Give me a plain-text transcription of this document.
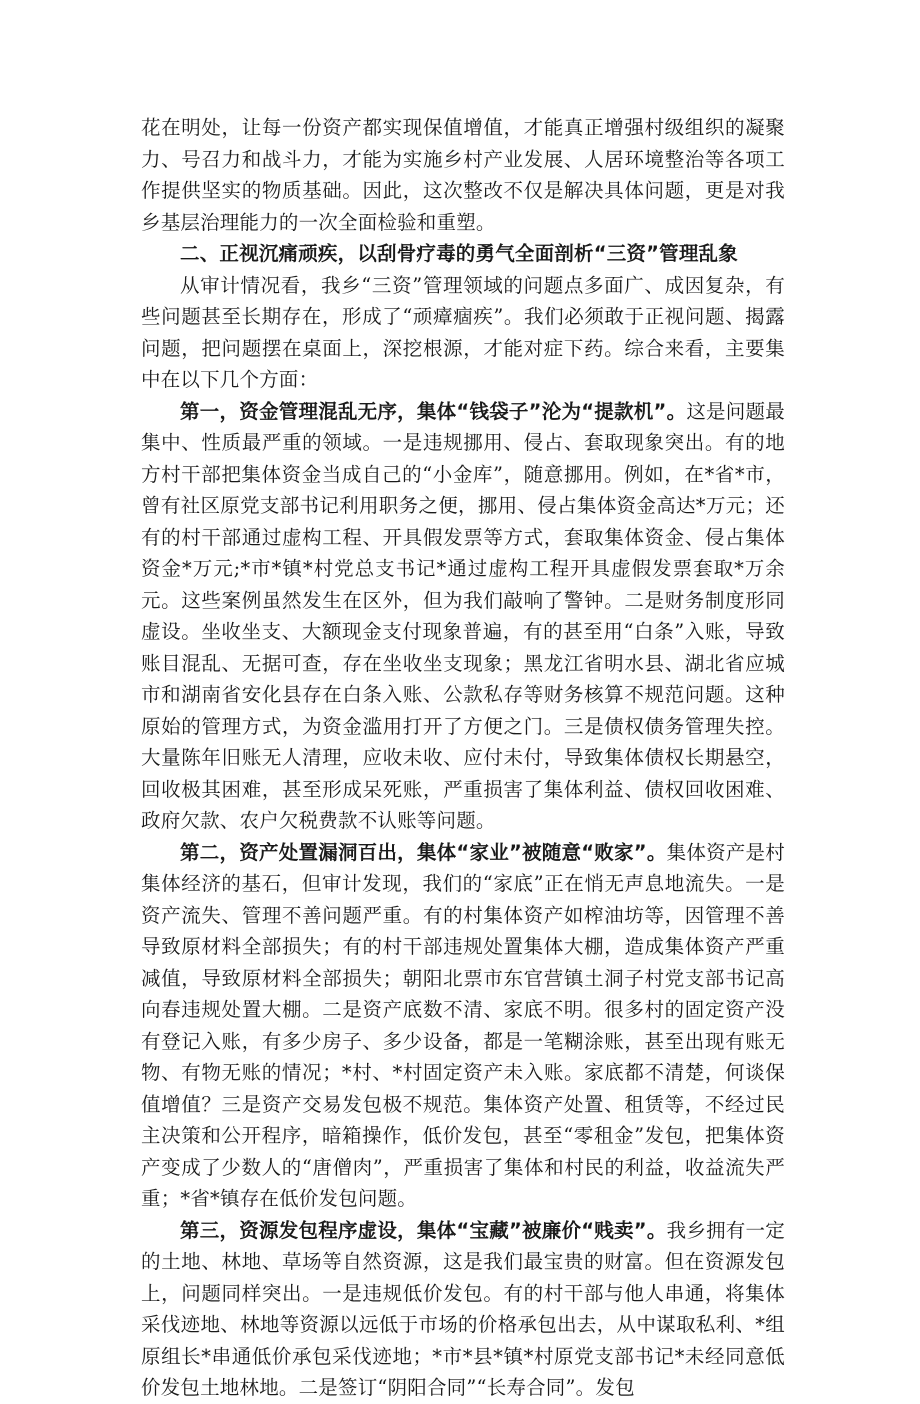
花在明处，让每一份资产都实现保值增值，才能真正增强村级组织的凝聚力、号召力和战斗力，才能为实施乡村产业发展、人居环境整治等各项工作提供坚实的物质基础。因此，这次整改不仅是解决具体问题，更是对我乡基层治理能力的一次全面检验和重塑。

二、正视沉痛顽疾，以刮骨疗毒的勇气全面剖析“三资”管理乱象

从审计情况看，我乡“三资”管理领域的问题点多面广、成因复杂，有些问题甚至长期存在，形成了“顽瘴痼疾”。我们必须敢于正视问题、揭露问题，把问题摆在桌面上，深挖根源，才能对症下药。综合来看，主要集中在以下几个方面：

第一，资金管理混乱无序，集体“钱袋子”沦为“提款机”。这是问题最集中、性质最严重的领域。一是违规挪用、侵占、套取现象突出。有的地方村干部把集体资金当成自己的“小金库”，随意挪用。例如，在*省*市，曾有社区原党支部书记利用职务之便，挪用、侵占集体资金高达*万元；还有的村干部通过虚构工程、开具假发票等方式，套取集体资金、侵占集体资金*万元;*市*镇*村党总支书记*通过虚构工程开具虚假发票套取*万余元。这些案例虽然发生在区外，但为我们敲响了警钟。二是财务制度形同虚设。坐收坐支、大额现金支付现象普遍，有的甚至用“白条”入账，导致账目混乱、无据可查，存在坐收坐支现象；黑龙江省明水县、湖北省应城市和湖南省安化县存在白条入账、公款私存等财务核算不规范问题。这种原始的管理方式，为资金滥用打开了方便之门。三是债权债务管理失控。大量陈年旧账无人清理，应收未收、应付未付，导致集体债权长期悬空，回收极其困难，甚至形成呆死账，严重损害了集体利益、债权回收困难、政府欠款、农户欠税费款不认账等问题。

第二，资产处置漏洞百出，集体“家业”被随意“败家”。集体资产是村集体经济的基石，但审计发现，我们的“家底”正在悄无声息地流失。一是资产流失、管理不善问题严重。有的村集体资产如榨油坊等，因管理不善导致原材料全部损失；有的村干部违规处置集体大棚，造成集体资产严重减值，导致原材料全部损失；朝阳北票市东官营镇土洞子村党支部书记高向春违规处置大棚。二是资产底数不清、家底不明。很多村的固定资产没有登记入账，有多少房子、多少设备，都是一笔糊涂账，甚至出现有账无物、有物无账的情况；*村、*村固定资产未入账。家底都不清楚，何谈保值增值？三是资产交易发包极不规范。集体资产处置、租赁等，不经过民主决策和公开程序，暗箱操作，低价发包，甚至“零租金”发包，把集体资产变成了少数人的“唐僧肉”，严重损害了集体和村民的利益，收益流失严重；*省*镇存在低价发包问题。

第三，资源发包程序虚设，集体“宝藏”被廉价“贱卖”。我乡拥有一定的土地、林地、草场等自然资源，这是我们最宝贵的财富。但在资源发包上，问题同样突出。一是违规低价发包。有的村干部与他人串通，将集体采伐迹地、林地等资源以远低于市场的价格承包出去，从中谋取私利、*组原组长*串通低价承包采伐迹地；*市*县*镇*村原党支部书记*未经同意低价发包土地林地。二是签订“阴阳合同”“长寿合同”。发包
